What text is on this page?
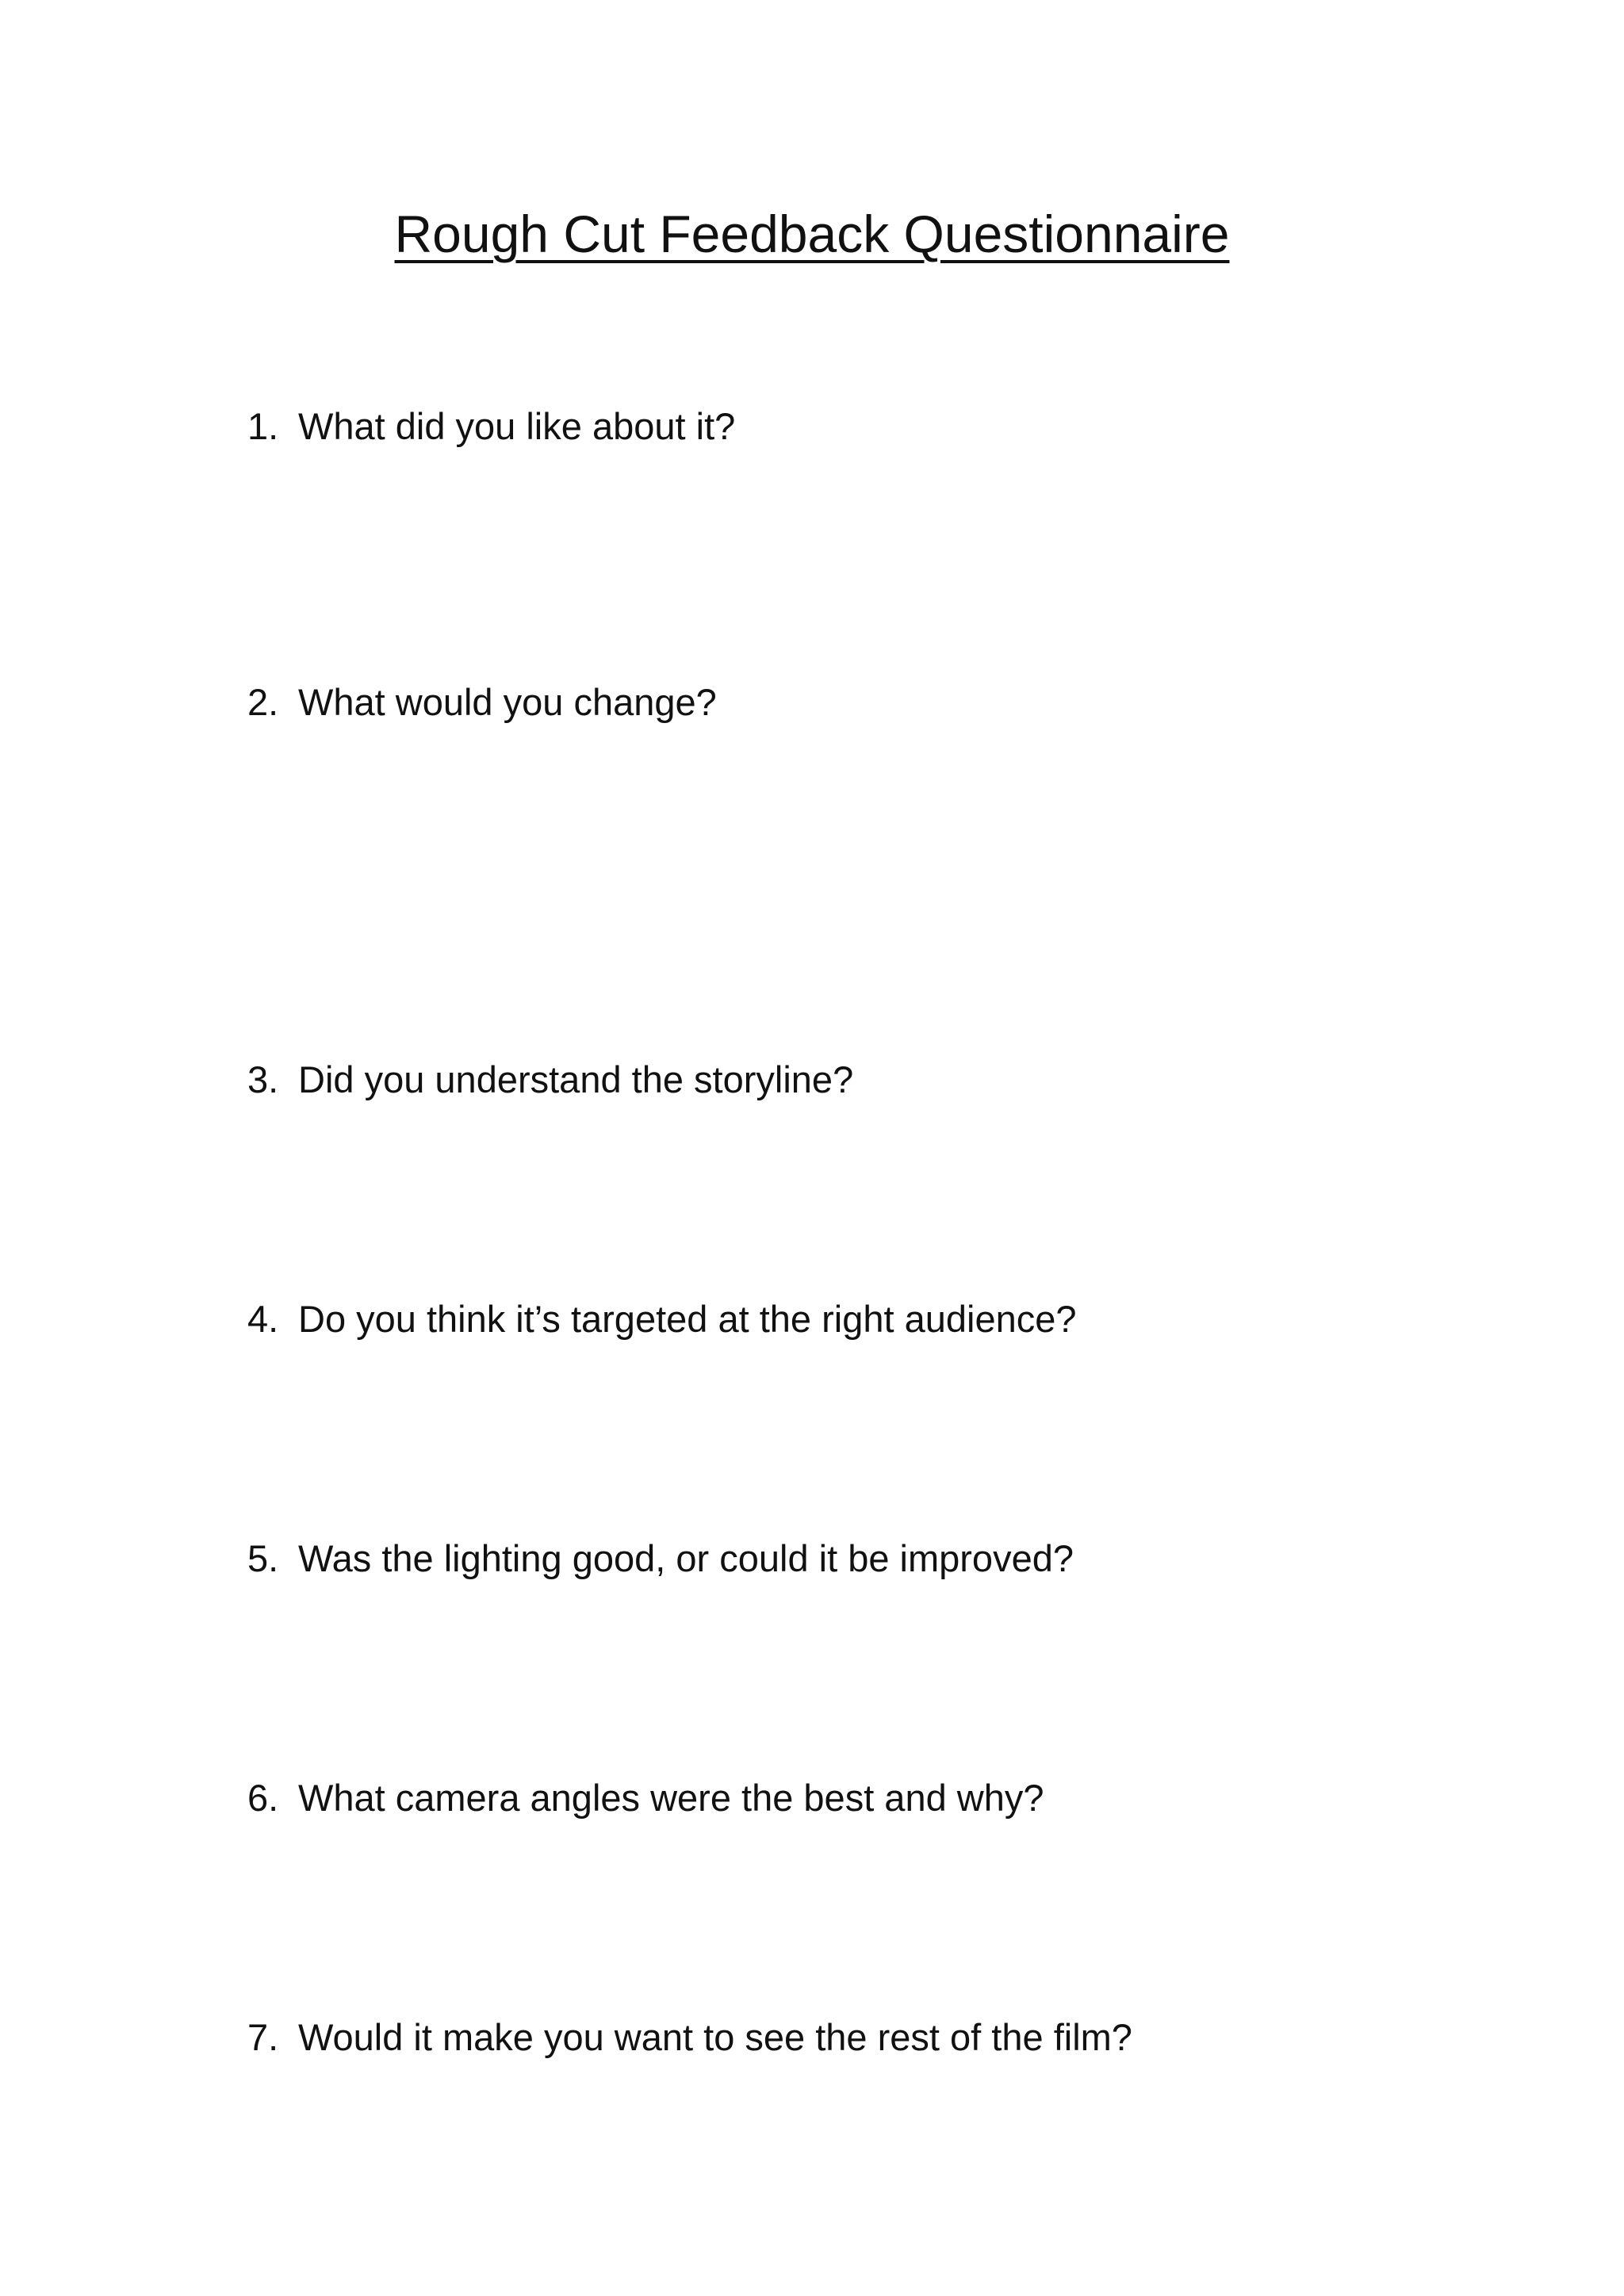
Rough Cut Feedback Questionnaire

1. What did you like about it?

2. What would you change?

3. Did you understand the storyline?

4. Do you think it’s targeted at the right audience?

5. Was the lighting good, or could it be improved?

6. What camera angles were the best and why?

7. Would it make you want to see the rest of the film?
